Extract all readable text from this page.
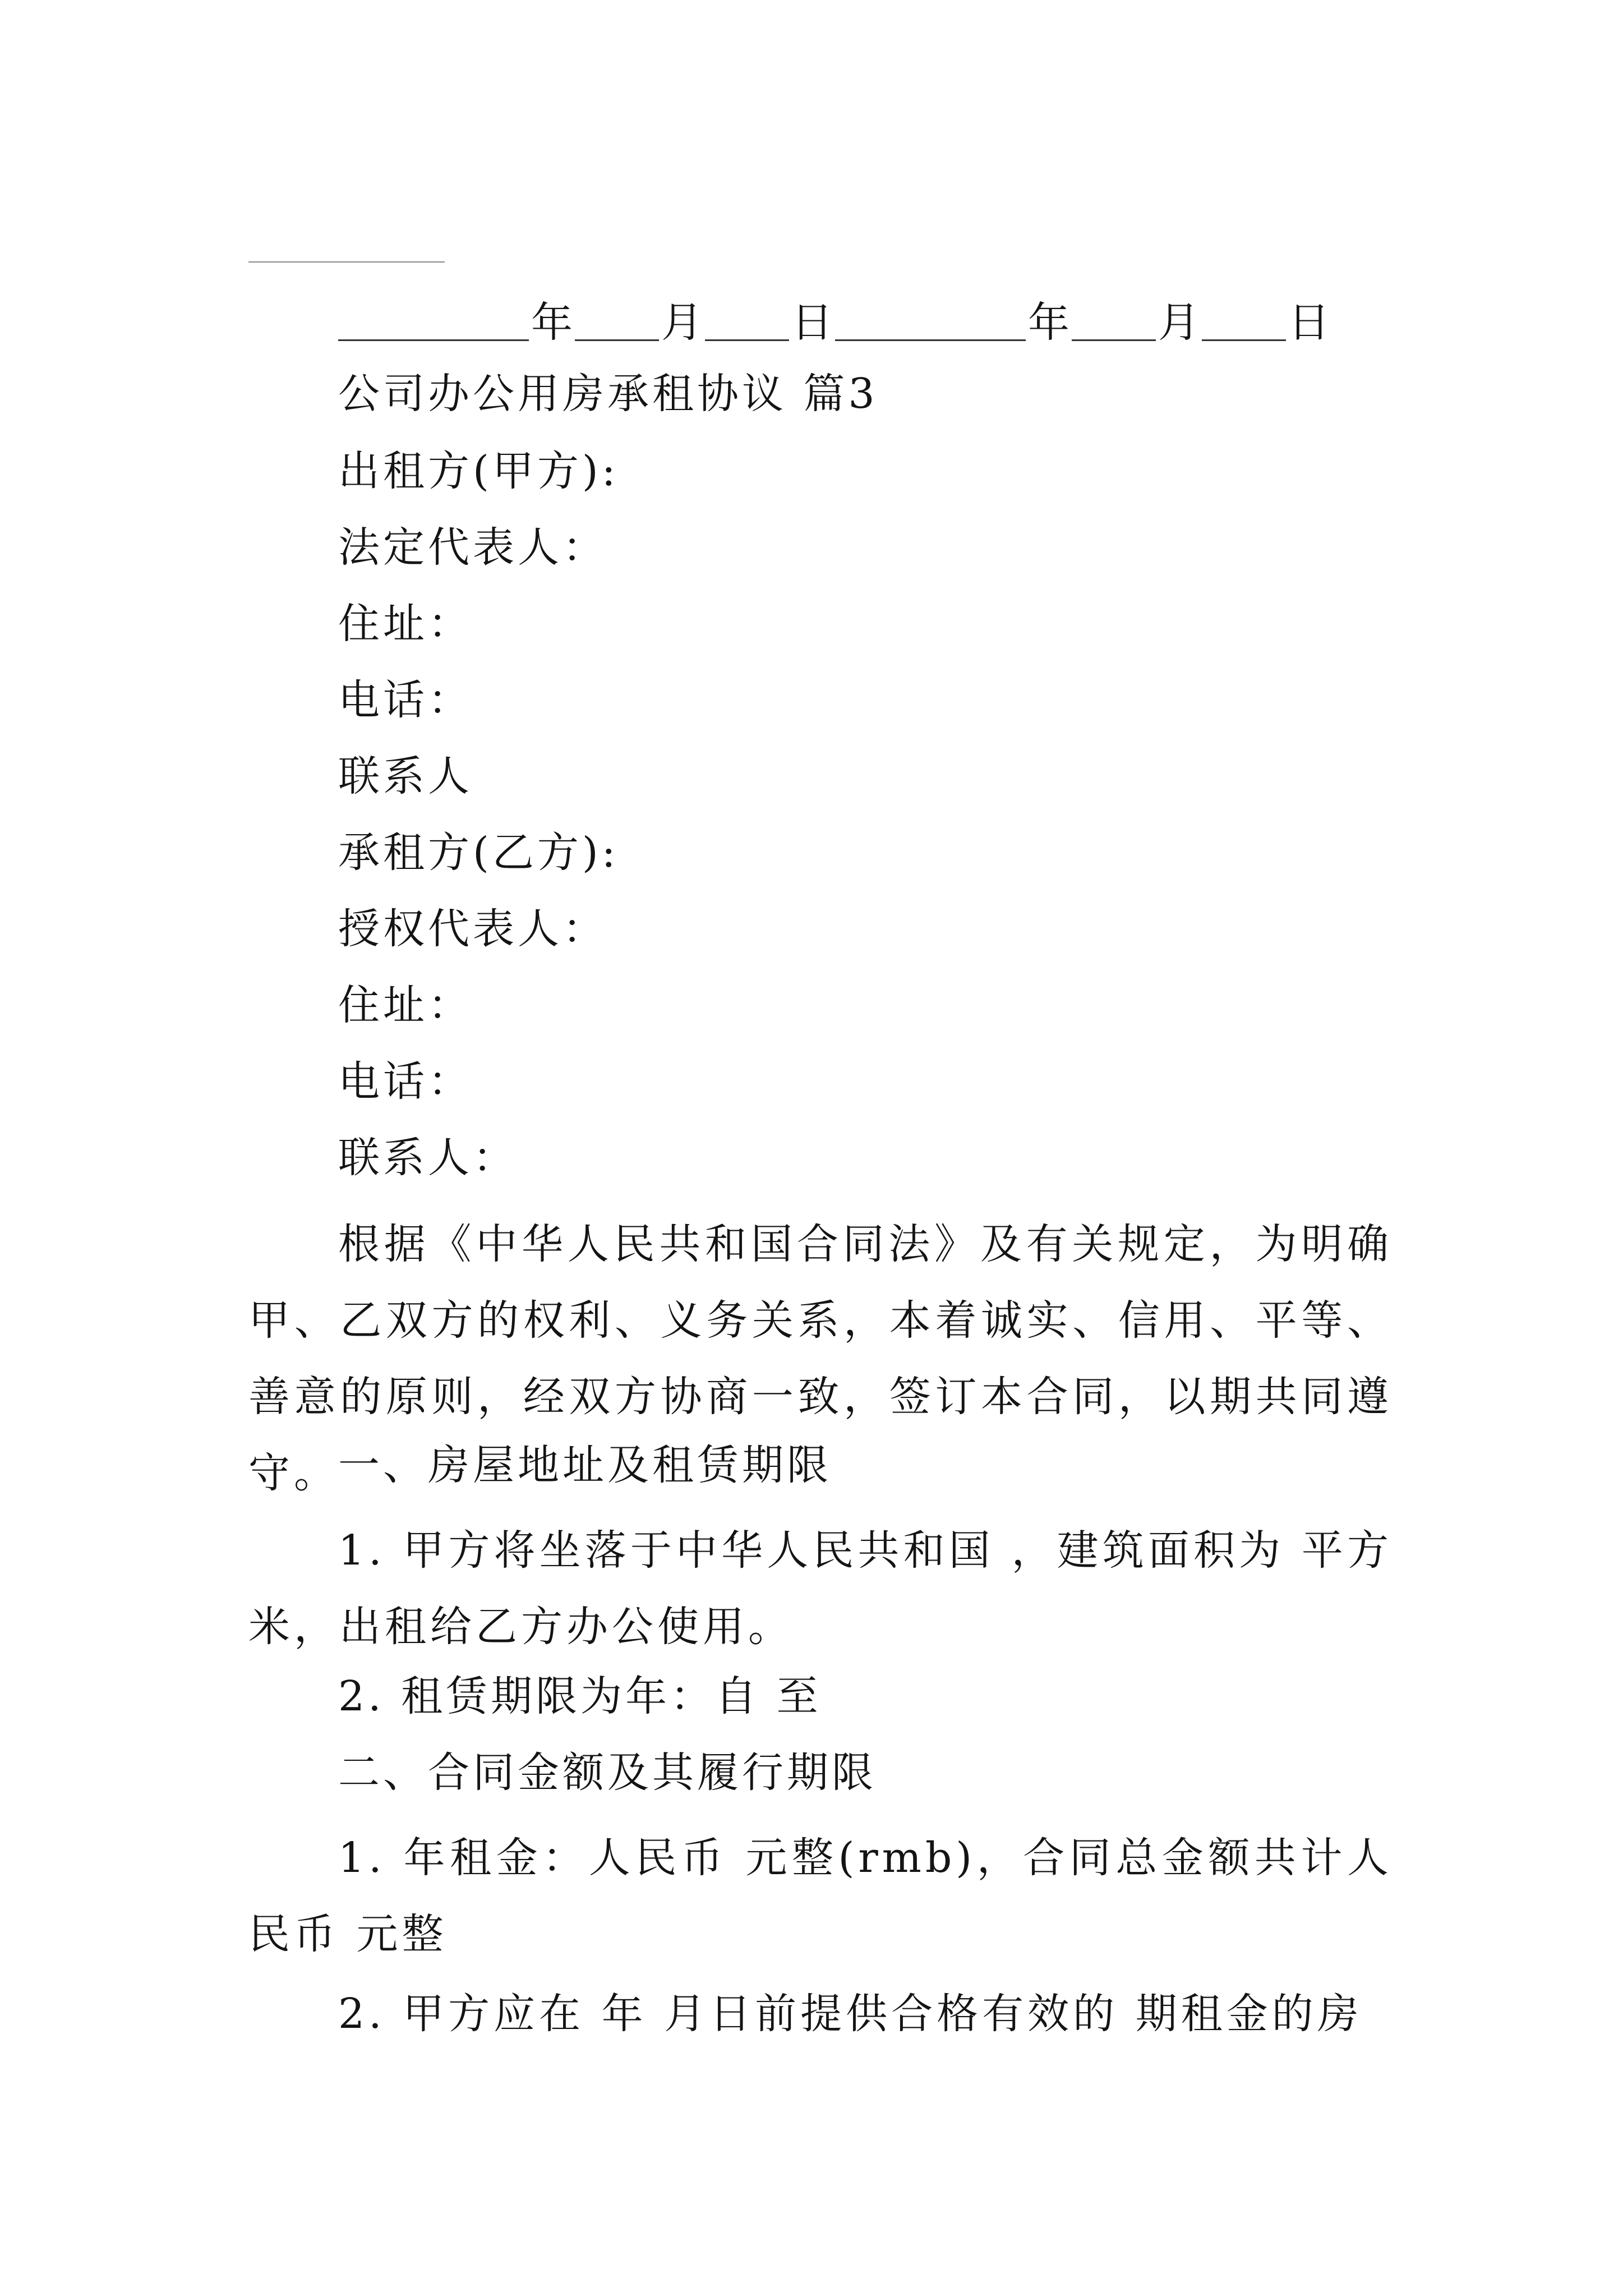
年 月 日	年 月 日
公司办公用房承租协议 篇3
出租方(甲方):
法定代表人：
住址：
电话：
联系人
承租方(乙方):
授权代表人：
住址：
电话：
联系人：
根据《中华人民共和国合同法》及有关规定，为明确甲、乙双方的权利、义务关系，本着诚实、信用、平等、善意的原则，经双方协商一致，签订本合同，以期共同遵守。
一、房屋地址及租赁期限
1. 甲方将坐落于中华人民共和国 ，建筑面积为 平方米，出租给乙方办公使用。
2. 租赁期限为年：自 至
二、合同金额及其履行期限
1. 年租金：人民币 元整(rmb)，合同总金额共计人民币 元整
2. 甲方应在 年 月日前提供合格有效的 期租金的房
